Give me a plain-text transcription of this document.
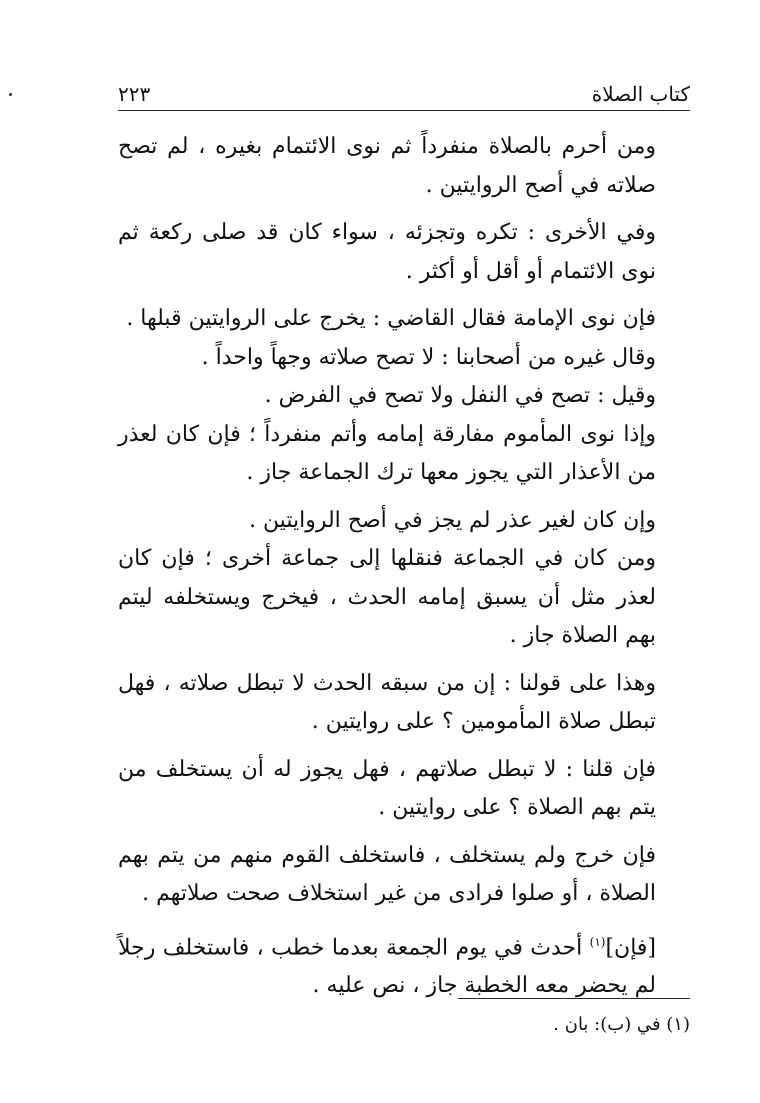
كتاب الصلاة
٢٢٣

ومن أحرم بالصلاة منفرداً ثم نوى الائتمام بغيره ، لم تصح صلاته في أصح الروايتين .

وفي الأخرى : تكره وتجزئه ، سواء كان قد صلى ركعة ثم نوى الائتمام أو أقل أو أكثر .

فإن نوى الإمامة فقال القاضي : يخرج على الروايتين قبلها .

وقال غيره من أصحابنا : لا تصح صلاته وجهاً واحداً .

وقيل : تصح في النفل ولا تصح في الفرض .

وإذا نوى المأموم مفارقة إمامه وأتم منفرداً ؛ فإن كان لعذر من الأعذار التي يجوز معها ترك الجماعة جاز .

وإن كان لغير عذر لم يجز في أصح الروايتين .

ومن كان في الجماعة فنقلها إلى جماعة أخرى ؛ فإن كان لعذر مثل أن يسبق إمامه الحدث ، فيخرج ويستخلفه ليتم بهم الصلاة جاز .

وهذا على قولنا : إن من سبقه الحدث لا تبطل صلاته ، فهل تبطل صلاة المأمومين ؟ على روايتين .

فإن قلنا : لا تبطل صلاتهم ، فهل يجوز له أن يستخلف من يتم بهم الصلاة ؟ على روايتين .

فإن خرج ولم يستخلف ، فاستخلف القوم منهم من يتم بهم الصلاة ، أو صلوا فرادى من غير استخلاف صحت صلاتهم .

[فإن]$^{(١)}$ أحدث في يوم الجمعة بعدما خطب ، فاستخلف رجلاً لم يحضر معه الخطبة جاز ، نص عليه .

(١) في (ب): بان .
